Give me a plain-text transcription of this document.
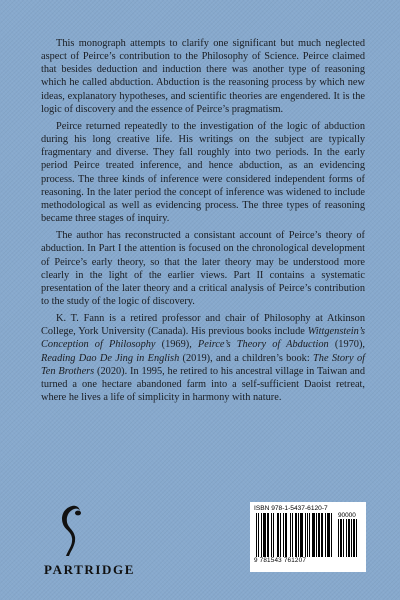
This monograph attempts to clarify one significant but much neglected aspect of Peirce’s contribution to the Philosophy of Science. Peirce claimed that besides deduction and induction there was another type of reasoning which he called abduction. Abduction is the reasoning process by which new ideas, explanatory hypotheses, and scientific theories are engendered. It is the logic of discovery and the essence of Peirce’s pragmatism.

Peirce returned repeatedly to the investigation of the logic of abduction during his long creative life. His writings on the subject are typically fragmentary and diverse. They fall roughly into two periods. In the early period Peirce treated inference, and hence abduction, as an evidencing process. The three kinds of inference were considered independent forms of reasoning. In the later period the concept of inference was widened to include methodological as well as evidencing process. The three types of reasoning became three stages of inquiry.

The author has reconstructed a consistant account of Peirce’s theory of abduction. In Part I the attention is focused on the chronological development of Peirce’s early theory, so that the later theory may be understood more clearly in the light of the earlier views. Part II contains a systematic presentation of the later theory and a critical analysis of Peirce’s contribution to the study of the logic of discovery.

K. T. Fann is a retired professor and chair of Philosophy at Atkinson College, York University (Canada). His previous books include Wittgenstein’s Conception of Philosophy (1969), Peirce’s Theory of Abduction (1970), Reading Dao De Jing in English (2019), and a children’s book: The Story of Ten Brothers (2020). In 1995, he retired to his ancestral village in Taiwan and turned a one hectare abandoned farm into a self-sufficient Daoist retreat, where he lives a life of simplicity in harmony with nature.

PARTRIDGE
ISBN 978-1-5437-6120-7
90000
9 781543 761207
